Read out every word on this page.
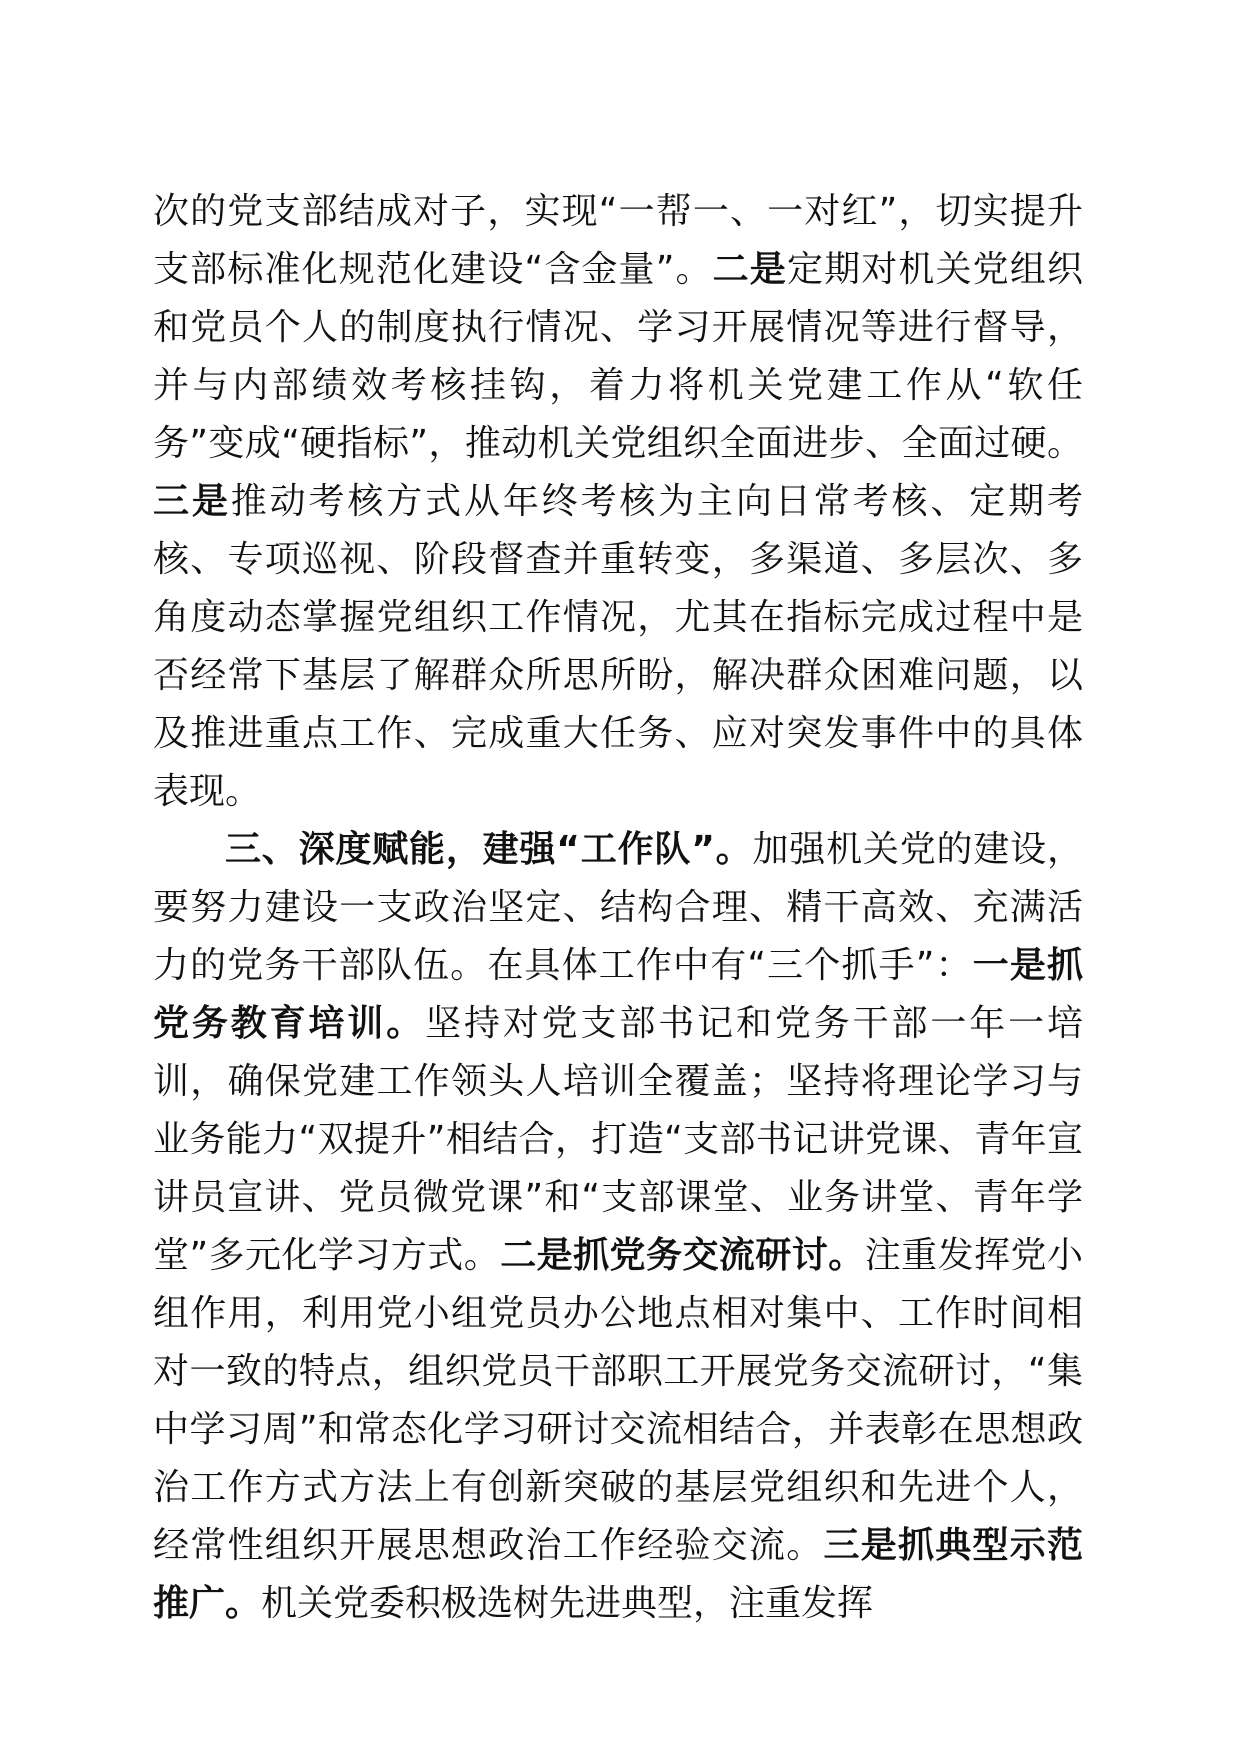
次的党支部结成对子，实现“一帮一、一对红”，切实提升支部标准化规范化建设“含金量”。二是定期对机关党组织和党员个人的制度执行情况、学习开展情况等进行督导，并与内部绩效考核挂钩，着力将机关党建工作从“软任务”变成“硬指标”，推动机关党组织全面进步、全面过硬。三是推动考核方式从年终考核为主向日常考核、定期考核、专项巡视、阶段督查并重转变，多渠道、多层次、多角度动态掌握党组织工作情况，尤其在指标完成过程中是否经常下基层了解群众所思所盼，解决群众困难问题，以及推进重点工作、完成重大任务、应对突发事件中的具体表现。

三、深度赋能，建强“工作队”。加强机关党的建设，要努力建设一支政治坚定、结构合理、精干高效、充满活力的党务干部队伍。在具体工作中有“三个抓手”：一是抓党务教育培训。坚持对党支部书记和党务干部一年一培训，确保党建工作领头人培训全覆盖；坚持将理论学习与业务能力“双提升”相结合，打造“支部书记讲党课、青年宣讲员宣讲、党员微党课”和“支部课堂、业务讲堂、青年学堂”多元化学习方式。二是抓党务交流研讨。注重发挥党小组作用，利用党小组党员办公地点相对集中、工作时间相对一致的特点，组织党员干部职工开展党务交流研讨，“集中学习周”和常态化学习研讨交流相结合，并表彰在思想政治工作方式方法上有创新突破的基层党组织和先进个人，经常性组织开展思想政治工作经验交流。三是抓典型示范推广。机关党委积极选树先进典型，注重发挥
